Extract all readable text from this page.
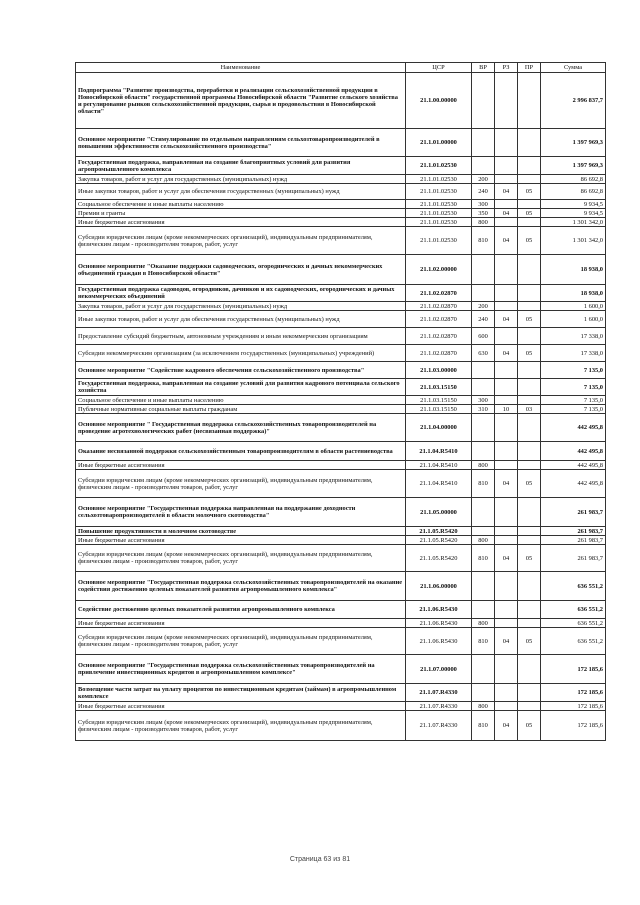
Наименование	ЦСР	ВР	РЗ	ПР	Сумма
Подпрограмма "Развитие производства, переработки и реализации сельскохозяйственной продукции в Новосибирской области" государственной программы Новосибирской области "Развитие сельского хозяйства и регулирование рынков сельскохозяйственной продукции, сырья и продовольствия в Новосибирской области"	21.1.00.00000				2 996 837,7
Основное мероприятие "Стимулирование по отдельным направлениям сельхозтоваропроизводителей в повышении эффективности сельскохозяйственного производства"	21.1.01.00000				1 397 969,3
Государственная поддержка, направленная на создание благоприятных условий для развития агропромышленного комплекса	21.1.01.02530				1 397 969,3
Закупка товаров, работ и услуг для государственных (муниципальных) нужд	21.1.01.02530	200			86 692,8
Иные закупки товаров, работ и услуг для обеспечения государственных (муниципальных) нужд	21.1.01.02530	240	04	05	86 692,8
Социальное обеспечение и иные выплаты населению	21.1.01.02530	300			9 934,5
Премии и гранты	21.1.01.02530	350	04	05	9 934,5
Иные бюджетные ассигнования	21.1.01.02530	800			1 301 342,0
Субсидии юридическим лицам (кроме некоммерческих организаций), индивидуальным предпринимателям, физическим лицам - производителям товаров, работ, услуг	21.1.01.02530	810	04	05	1 301 342,0
Основное мероприятие "Оказание поддержки садоводческих, огороднических и дачных некоммерческих объединений граждан в Новосибирской области"	21.1.02.00000				18 938,0
Государственная поддержка садоводов, огородников, дачников и их садоводческих, огороднических и дачных некоммерческих объединений	21.1.02.02870				18 938,0
Закупка товаров, работ и услуг для государственных (муниципальных) нужд	21.1.02.02870	200			1 600,0
Иные закупки товаров, работ и услуг для обеспечения государственных (муниципальных) нужд	21.1.02.02870	240	04	05	1 600,0
Предоставление субсидий бюджетным, автономным учреждениям и иным некоммерческим организациям	21.1.02.02870	600			17 338,0
Субсидии некоммерческим организациям (за исключением государственных (муниципальных) учреждений)	21.1.02.02870	630	04	05	17 338,0
Основное мероприятие "Содействие кадрового обеспечения сельскохозяйственного производства"	21.1.03.00000				7 135,0
Государственная поддержка, направленная на создание условий для развития кадрового потенциала сельского хозяйства	21.1.03.15150				7 135,0
Социальное обеспечение и иные выплаты населению	21.1.03.15150	300			7 135,0
Публичные нормативные социальные выплаты гражданам	21.1.03.15150	310	10	03	7 135,0
Основное мероприятие " Государственная поддержка сельскохозяйственных товаропроизводителей на проведение агротехнологических работ (несвязанная поддержка)"	21.1.04.00000				442 495,8
Оказание несвязанной поддержки сельскохозяйственным товаропроизводителям в области растениеводства	21.1.04.R5410				442 495,8
Иные бюджетные ассигнования	21.1.04.R5410	800			442 495,8
Субсидии юридическим лицам (кроме некоммерческих организаций), индивидуальным предпринимателям, физическим лицам - производителям товаров, работ, услуг	21.1.04.R5410	810	04	05	442 495,8
Основное мероприятие "Государственная поддержка направленная на поддержание доходности сельхозтоваропроизводителей в области молочного скотоводства"	21.1.05.00000				261 983,7
Повышение продуктивности в молочном скотоводстве	21.1.05.R5420				261 983,7
Иные бюджетные ассигнования	21.1.05.R5420	800			261 983,7
Субсидии юридическим лицам (кроме некоммерческих организаций), индивидуальным предпринимателям, физическим лицам - производителям товаров, работ, услуг	21.1.05.R5420	810	04	05	261 983,7
Основное мероприятие "Государственная поддержка сельскохозяйственных товаропроизводителей на оказание содействия достижению целевых показателей развития агропромышленного комплекса"	21.1.06.00000				636 551,2
Содействие достижению целевых показателей развития агропромышленного комплекса	21.1.06.R5430				636 551,2
Иные бюджетные ассигнования	21.1.06.R5430	800			636 551,2
Субсидии юридическим лицам (кроме некоммерческих организаций), индивидуальным предпринимателям, физическим лицам - производителям товаров, работ, услуг	21.1.06.R5430	810	04	05	636 551,2
Основное мероприятие "Государственная поддержка сельскохозяйственных товаропроизводителей на привлечение инвестиционных кредитов в агропромышленном комплексе"	21.1.07.00000				172 185,6
Возмещение части затрат на уплату процентов по инвестиционным кредитам (займам) в агропромышленном комплексе	21.1.07.R4330				172 185,6
Иные бюджетные ассигнования	21.1.07.R4330	800			172 185,6
Субсидии юридическим лицам (кроме некоммерческих организаций), индивидуальным предпринимателям, физическим лицам - производителям товаров, работ, услуг	21.1.07.R4330	810	04	05	172 185,6
Страница 63 из 81
